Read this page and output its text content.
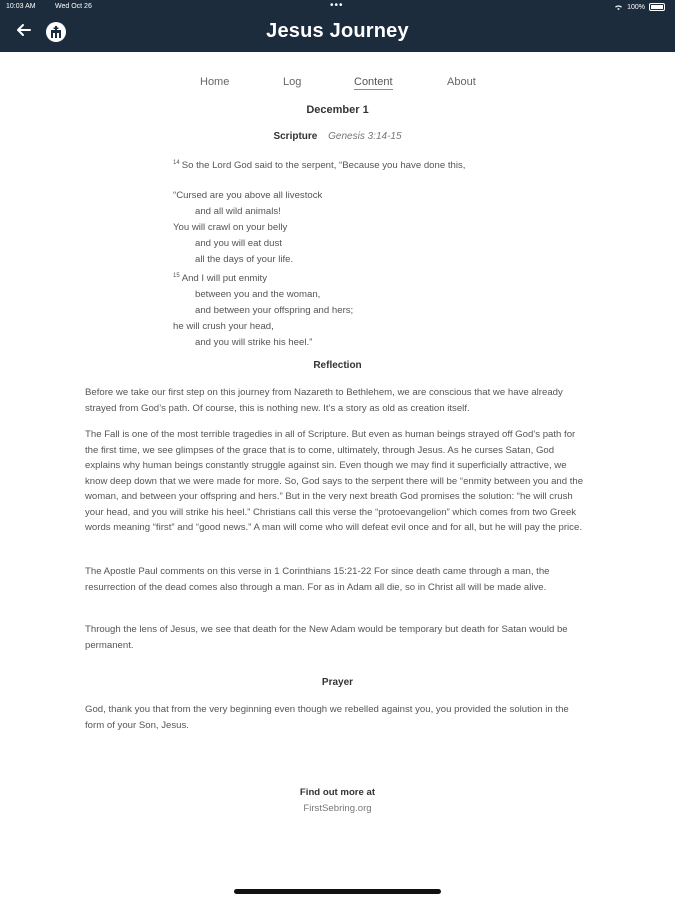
10:03 AM	Wed Oct 26	•••	100%
Jesus Journey
Home	Log	Content	About
December 1
Scripture Genesis 3:14-15
$^{14}$ So the Lord God said to the serpent, “Because you have done this,
“Cursed are you above all livestock
and all wild animals!
You will crawl on your belly
and you will eat dust
all the days of your life.
$^{15}$ And I will put enmity
between you and the woman,
and between your offspring and hers;
he will crush your head,
and you will strike his heel.”
Reflection
Before we take our first step on this journey from Nazareth to Bethlehem, we are conscious that we have already strayed from God’s path. Of course, this is nothing new. It’s a story as old as creation itself.
The Fall is one of the most terrible tragedies in all of Scripture. But even as human beings strayed off God’s path for the first time, we see glimpses of the grace that is to come, ultimately, through Jesus. As he curses Satan, God explains why human beings constantly struggle against sin. Even though we may find it superficially attractive, we know deep down that we were made for more. So, God says to the serpent there will be “enmity between you and the woman, and between your offspring and hers.” But in the very next breath God promises the solution: “he will crush your head, and you will strike his heel.” Christians call this verse the “protoevangelion” which comes from two Greek words meaning “first” and “good news.” A man will come who will defeat evil once and for all, but he will pay the price.
The Apostle Paul comments on this verse in 1 Corinthians 15:21-22 For since death came through a man, the resurrection of the dead comes also through a man. For as in Adam all die, so in Christ all will be made alive.
Through the lens of Jesus, we see that death for the New Adam would be temporary but death for Satan would be permanent.
Prayer
God, thank you that from the very beginning even though we rebelled against you, you provided the solution in the form of your Son, Jesus.
Find out more at
FirstSebring.org
